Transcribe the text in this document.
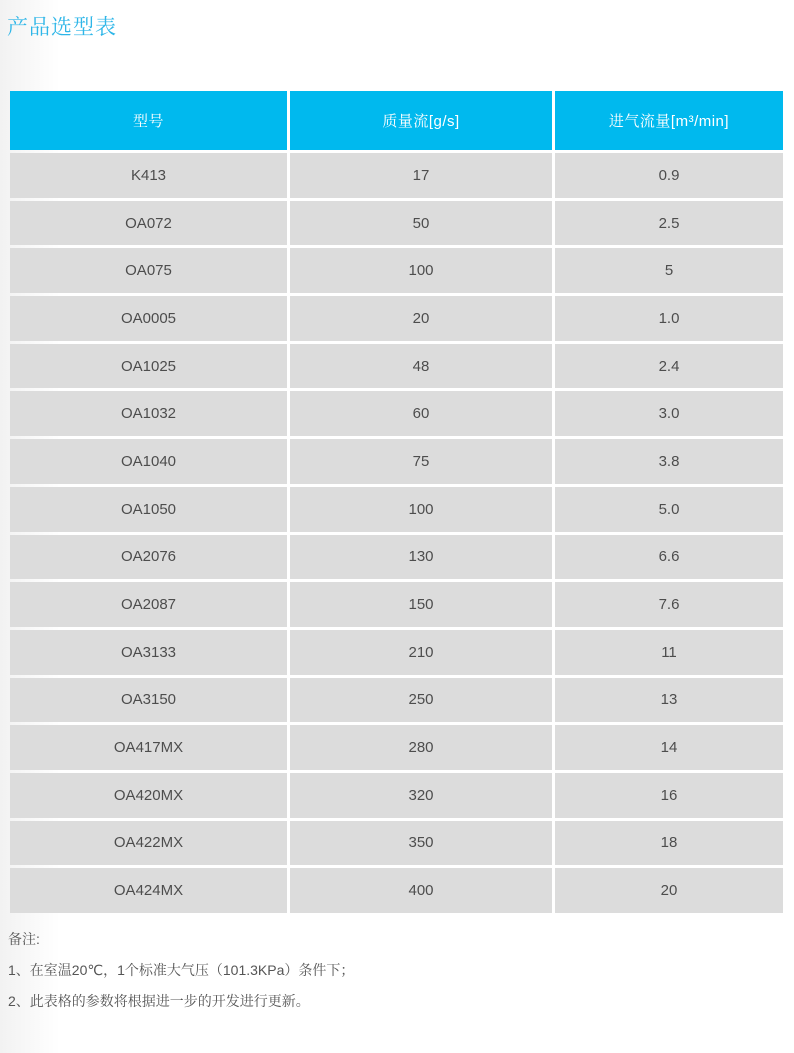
产品选型表
型号	质量流[g/s]	进气流量[m³/min]
K413	17	0.9
OA072	50	2.5
OA075	100	5
OA0005	20	1.0
OA1025	48	2.4
OA1032	60	3.0
OA1040	75	3.8
OA1050	100	5.0
OA2076	130	6.6
OA2087	150	7.6
OA3133	210	11
OA3150	250	13
OA417MX	280	14
OA420MX	320	16
OA422MX	350	18
OA424MX	400	20

备注:

1、在室温20℃，1个标准大气压（101.3KPa）条件下；

2、此表格的参数将根据进一步的开发进行更新。
